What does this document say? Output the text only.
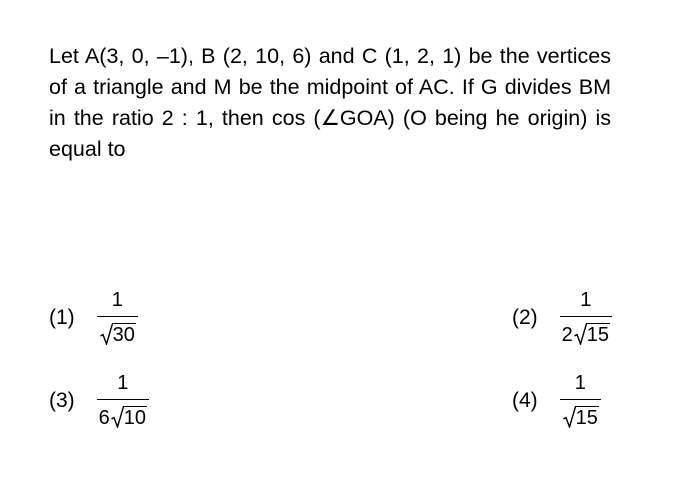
Let A(3, 0, –1), B (2, 10, 6) and C (1, 2, 1) be the vertices of a triangle and M be the midpoint of AC. If G divides BM in the ratio 2 : 1, then cos (∠GOA) (O being he origin) is equal to
$(1) \frac{1}{30}$	$(2) \frac{1}{2 15}$
$(3) \frac{1}{6 10}$	$(4) \frac{1}{15}$
